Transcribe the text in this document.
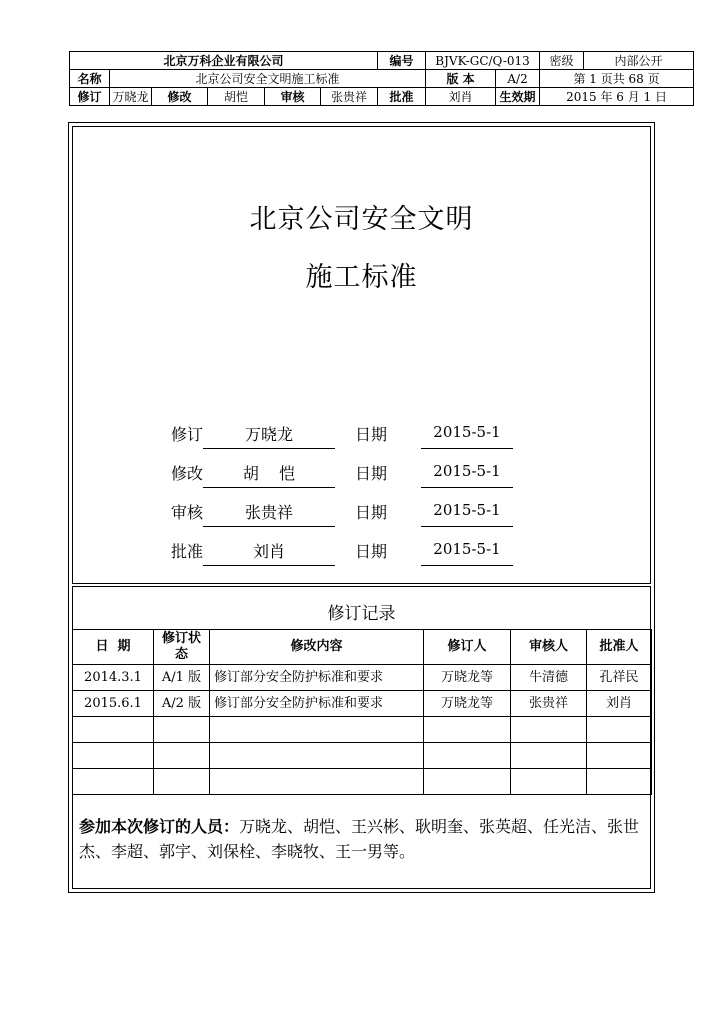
北京万科企业有限公司						编号	BJVK-GC/Q-013		密级	内部公开
名称	北京公司安全文明施工标准						版 本	A/2	第 1 页共 68 页	
修订	万晓龙	修改	胡恺	审核	张贵祥	批准	刘肖	生效期	2015 年 6 月 1 日	
北京公司安全文明
施工标准
修订	万晓龙	日期	2015-5-1
修改	胡    恺	日期	2015-5-1
审核	张贵祥	日期	2015-5-1
批准	刘肖	日期	2015-5-1
修订记录
日  期	修订状态	修改内容	修订人	审核人	批准人
2014.3.1	A/1 版	修订部分安全防护标准和要求	万晓龙等	牛清德	孔祥民
2015.6.1	A/2 版	修订部分安全防护标准和要求	万晓龙等	张贵祥	刘肖

参加本次修订的人员：万晓龙、胡恺、王兴彬、耿明奎、张英超、任光洁、张世杰、李超、郭宇、刘保栓、李晓牧、王一男等。
